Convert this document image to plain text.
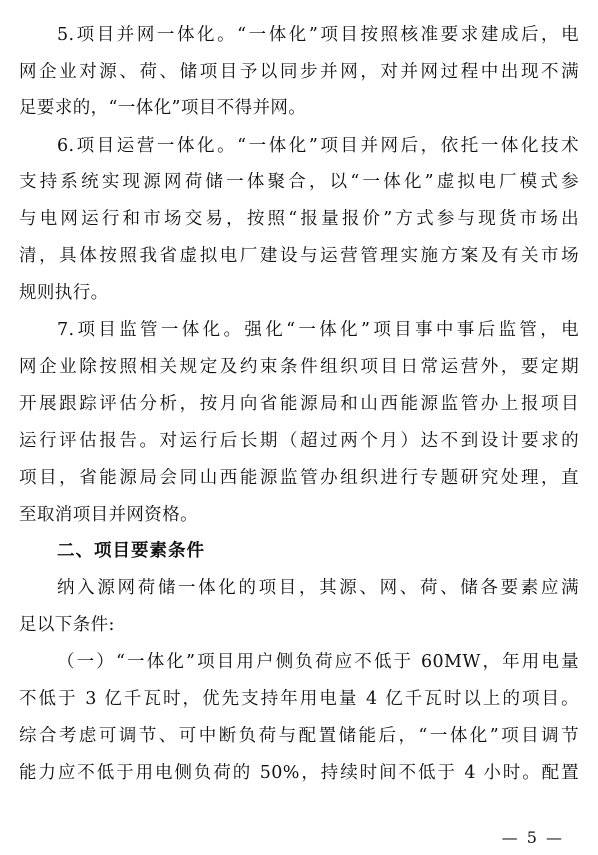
5.项目并网一体化。“一体化”项目按照核准要求建成后，电
网企业对源、荷、储项目予以同步并网，对并网过程中出现不满
足要求的，“一体化”项目不得并网。
6.项目运营一体化。“一体化”项目并网后，依托一体化技术
支持系统实现源网荷储一体聚合，以“一体化”虚拟电厂模式参
与电网运行和市场交易，按照“报量报价”方式参与现货市场出
清，具体按照我省虚拟电厂建设与运营管理实施方案及有关市场
规则执行。
7.项目监管一体化。强化“一体化”项目事中事后监管，电
网企业除按照相关规定及约束条件组织项目日常运营外，要定期
开展跟踪评估分析，按月向省能源局和山西能源监管办上报项目
运行评估报告。对运行后长期（超过两个月）达不到设计要求的
项目，省能源局会同山西能源监管办组织进行专题研究处理，直
至取消项目并网资格。
二、项目要素条件
纳入源网荷储一体化的项目，其源、网、荷、储各要素应满
足以下条件:
（一）“一体化”项目用户侧负荷应不低于 60MW，年用电量
不低于 3 亿千瓦时，优先支持年用电量 4 亿千瓦时以上的项目。
综合考虑可调节、可中断负荷与配置储能后，“一体化”项目调节
能力应不低于用电侧负荷的 50%，持续时间不低于 4 小时。配置
— 5 —
